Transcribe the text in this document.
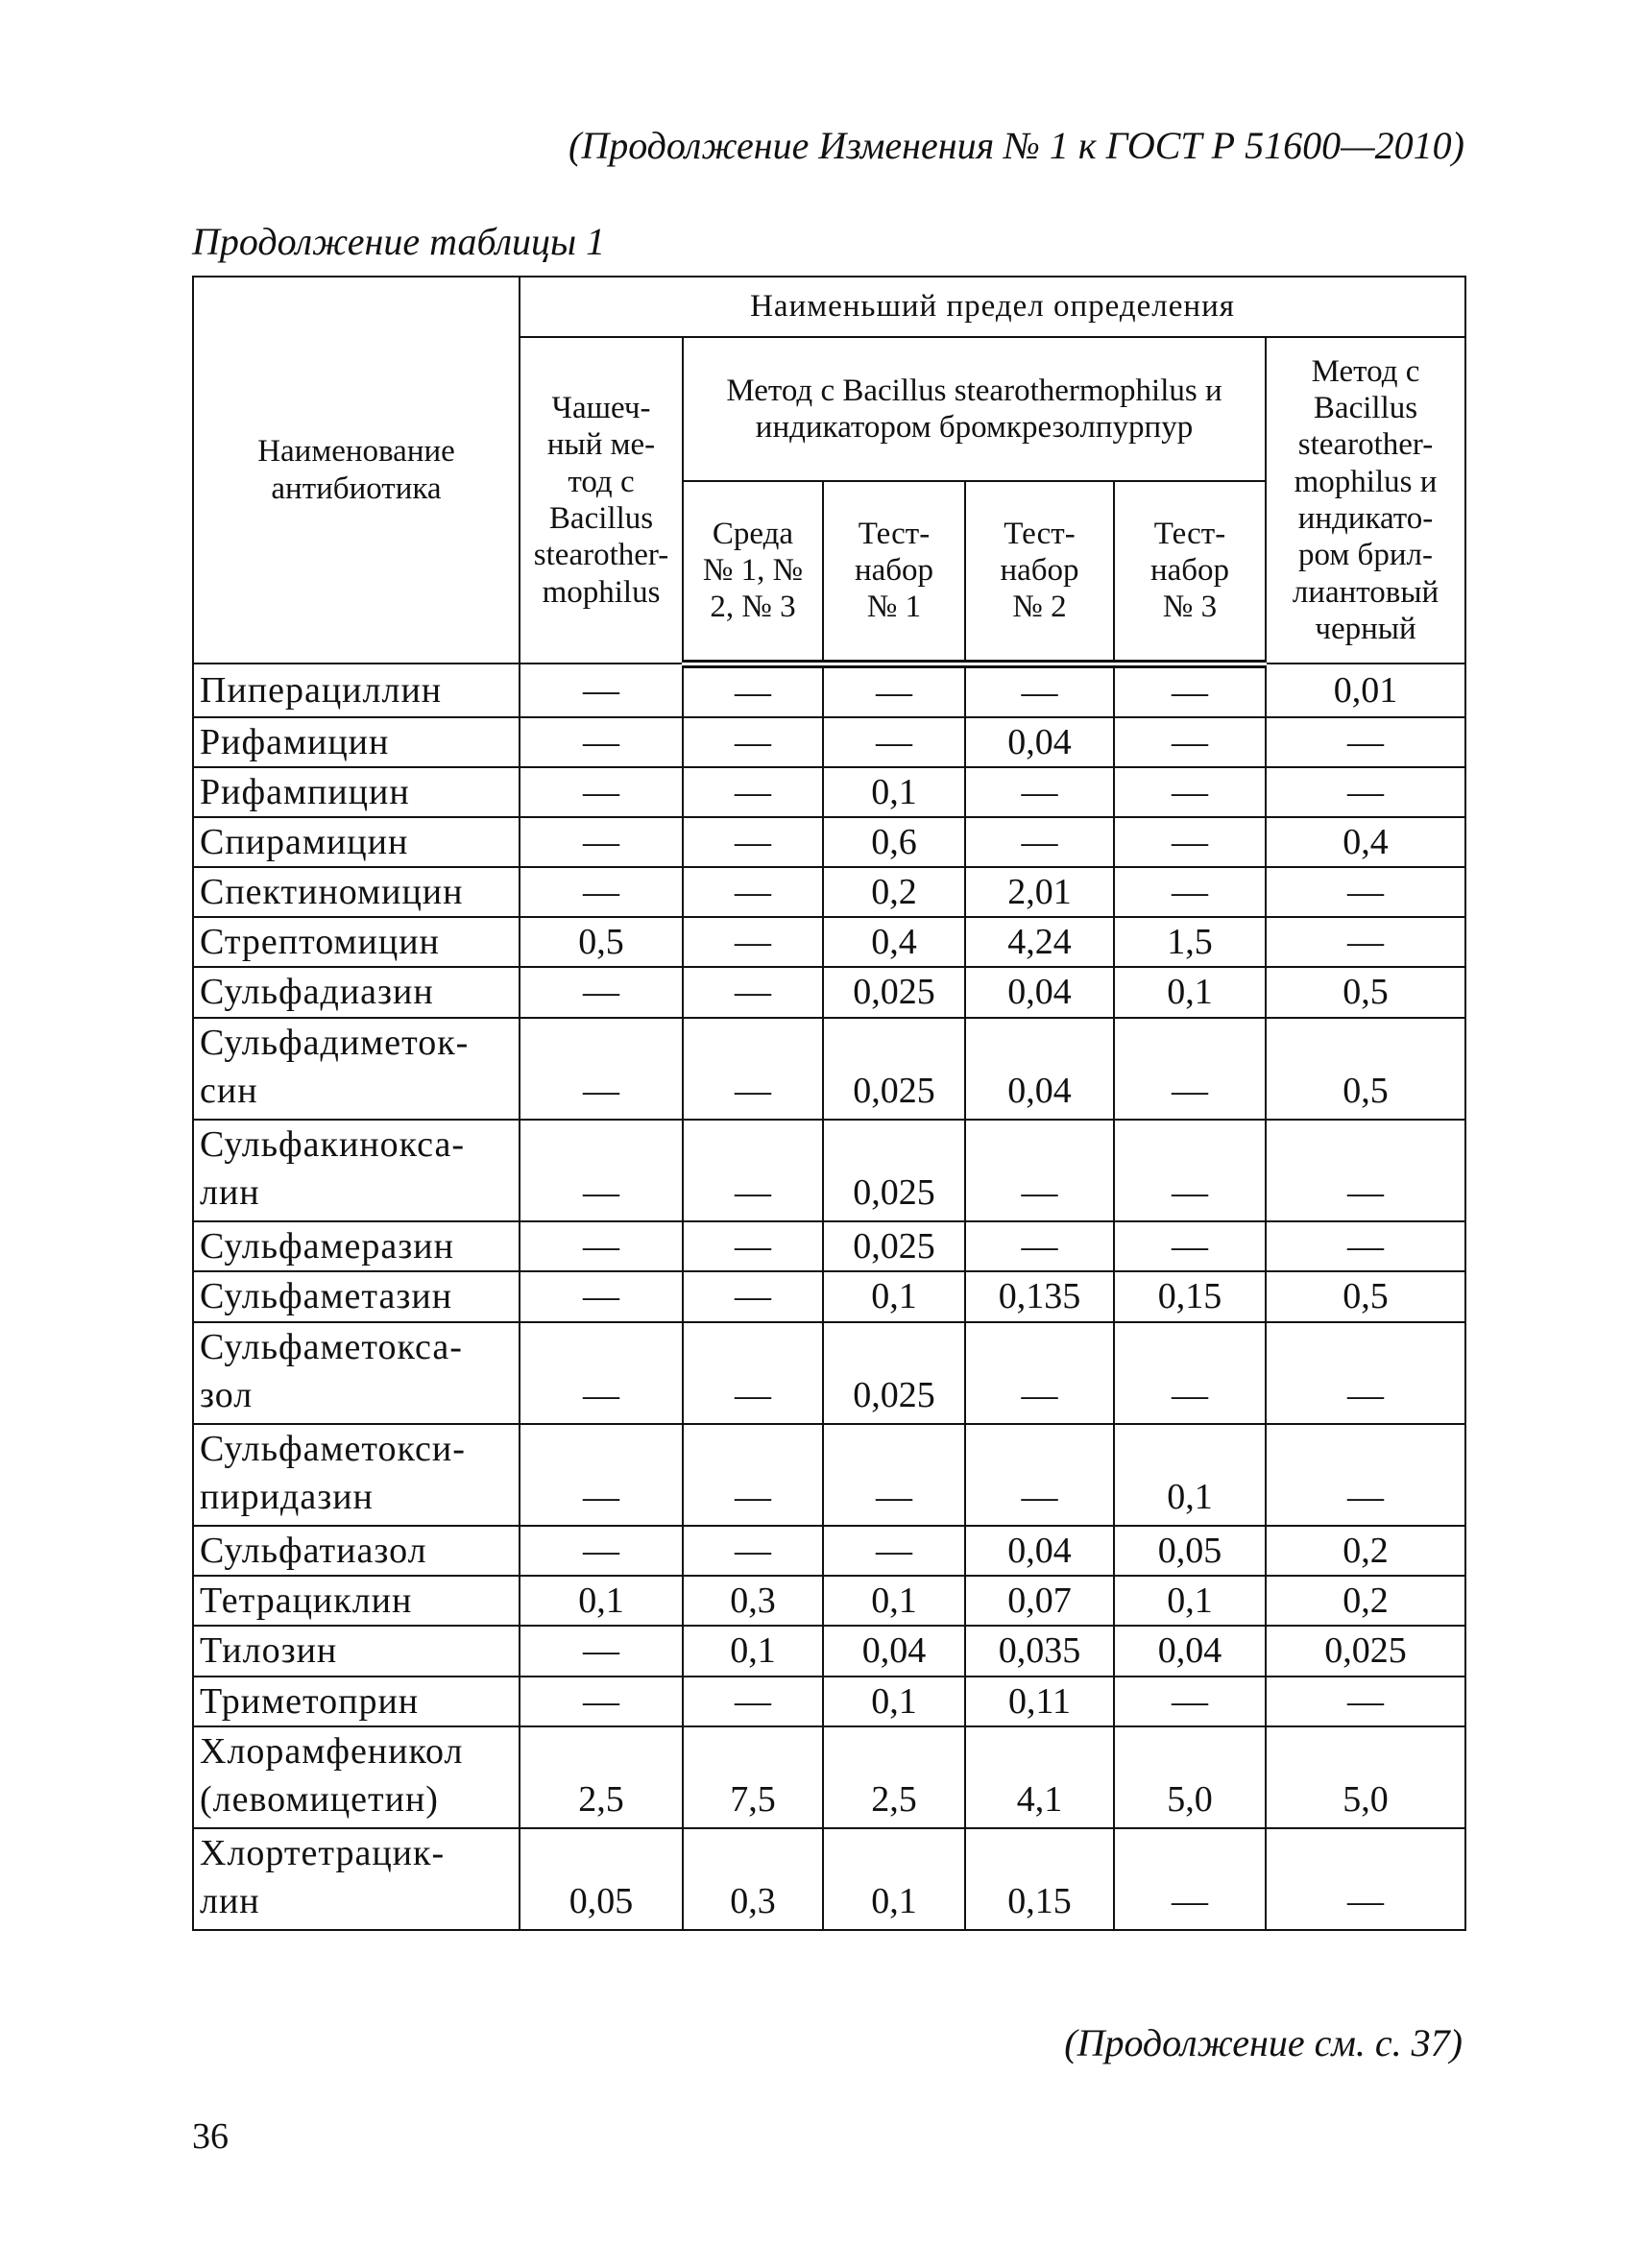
(Продолжение Изменения № 1 к ГОСТ Р 51600—2010)
Продолжение таблицы 1
Наименование антибиотика	Наименьший предел определения					
	Чашеч-ный ме-тод с Bacillus stearother-mophilus	Метод с Bacillus stearothermophilus и индикатором бромкрезолпурпур				Метод с Bacillus stearother-mophilus и индикато-ром брил-лиантовый черный
		Среда № 1, № 2, № 3	Тест-набор № 1	Тест-набор № 2	Тест-набор № 3	

Пиперациллин	—	—	—	—	—	0,01

Рифамицин	—	—	—	0,04	—	—

Рифампицин	—	—	0,1	—	—	—

Спирамицин	—	—	0,6	—	—	0,4

Спектиномицин	—	—	0,2	2,01	—	—

Стрептомицин	0,5	—	0,4	4,24	1,5	—

Сульфадиазин	—	—	0,025	0,04	0,1	0,5

Сульфадиметок-
син	—	—	0,025	0,04	—	0,5

Сульфакинокса-
лин	—	—	0,025	—	—	—

Сульфамеразин	—	—	0,025	—	—	—

Сульфаметазин	—	—	0,1	0,135	0,15	0,5

Сульфаметокса-
зол	—	—	0,025	—	—	—

Сульфаметокси-
пиридазин	—	—	—	—	0,1	—

Сульфатиазол	—	—	—	0,04	0,05	0,2

Тетрациклин	0,1	0,3	0,1	0,07	0,1	0,2

Тилозин	—	0,1	0,04	0,035	0,04	0,025

Триметоприн	—	—	0,1	0,11	—	—

Хлорамфеникол
(левомицетин)	2,5	7,5	2,5	4,1	5,0	5,0

Хлортетрацик-
лин	0,05	0,3	0,1	0,15	—	—
(Продолжение см. с. 37)
36
